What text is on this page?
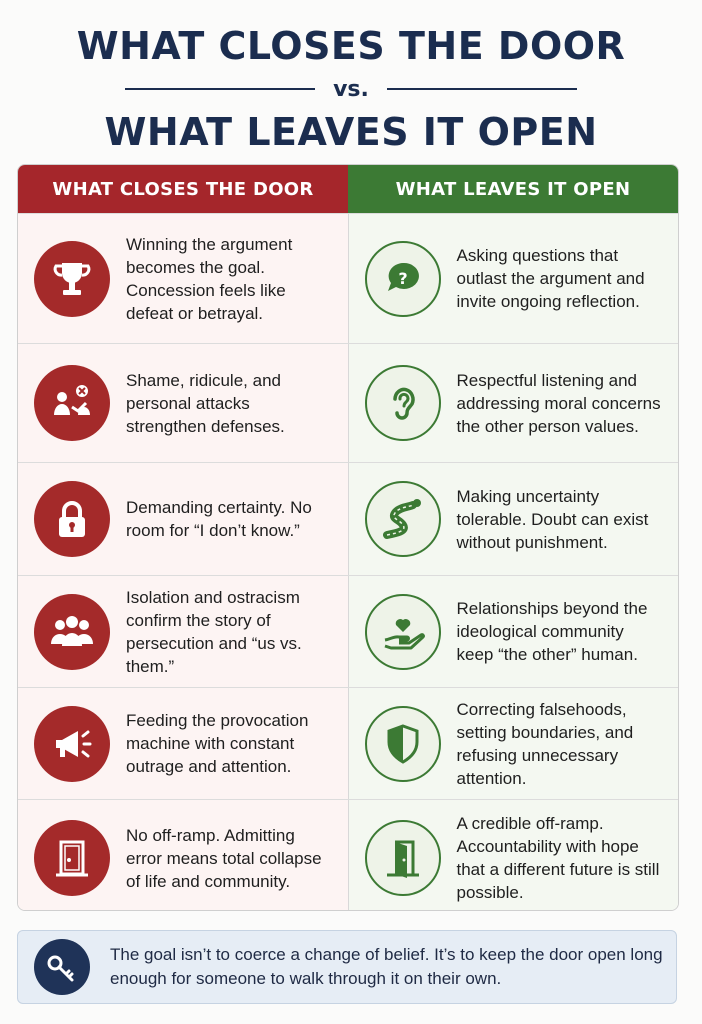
WHAT CLOSES THE DOOR
vs.
WHAT LEAVES IT OPEN
WHAT CLOSES THE DOOR	WHAT LEAVES IT OPEN
Winning the argument becomes the goal. Concession feels like defeat or betrayal.
?
Asking questions that outlast the argument and invite ongoing reflection.
Shame, ridicule, and personal attacks strengthen defenses.
Respectful listening and addressing moral concerns the other person values.
Demanding certainty. No room for “I don’t know.”
Making uncertainty tolerable. Doubt can exist without punishment.
Isolation and ostracism confirm the story of persecution and “us vs. them.”
Relationships beyond the ideological community keep “the other” human.
Feeding the provocation machine with constant outrage and attention.
Correcting falsehoods, setting boundaries, and refusing unnecessary attention.
No off-ramp. Admitting error means total collapse of life and community.
A credible off-ramp. Accountability with hope that a different future is still possible.
The goal isn’t to coerce a change of belief. It’s to keep the door open long enough for someone to walk through it on their own.
